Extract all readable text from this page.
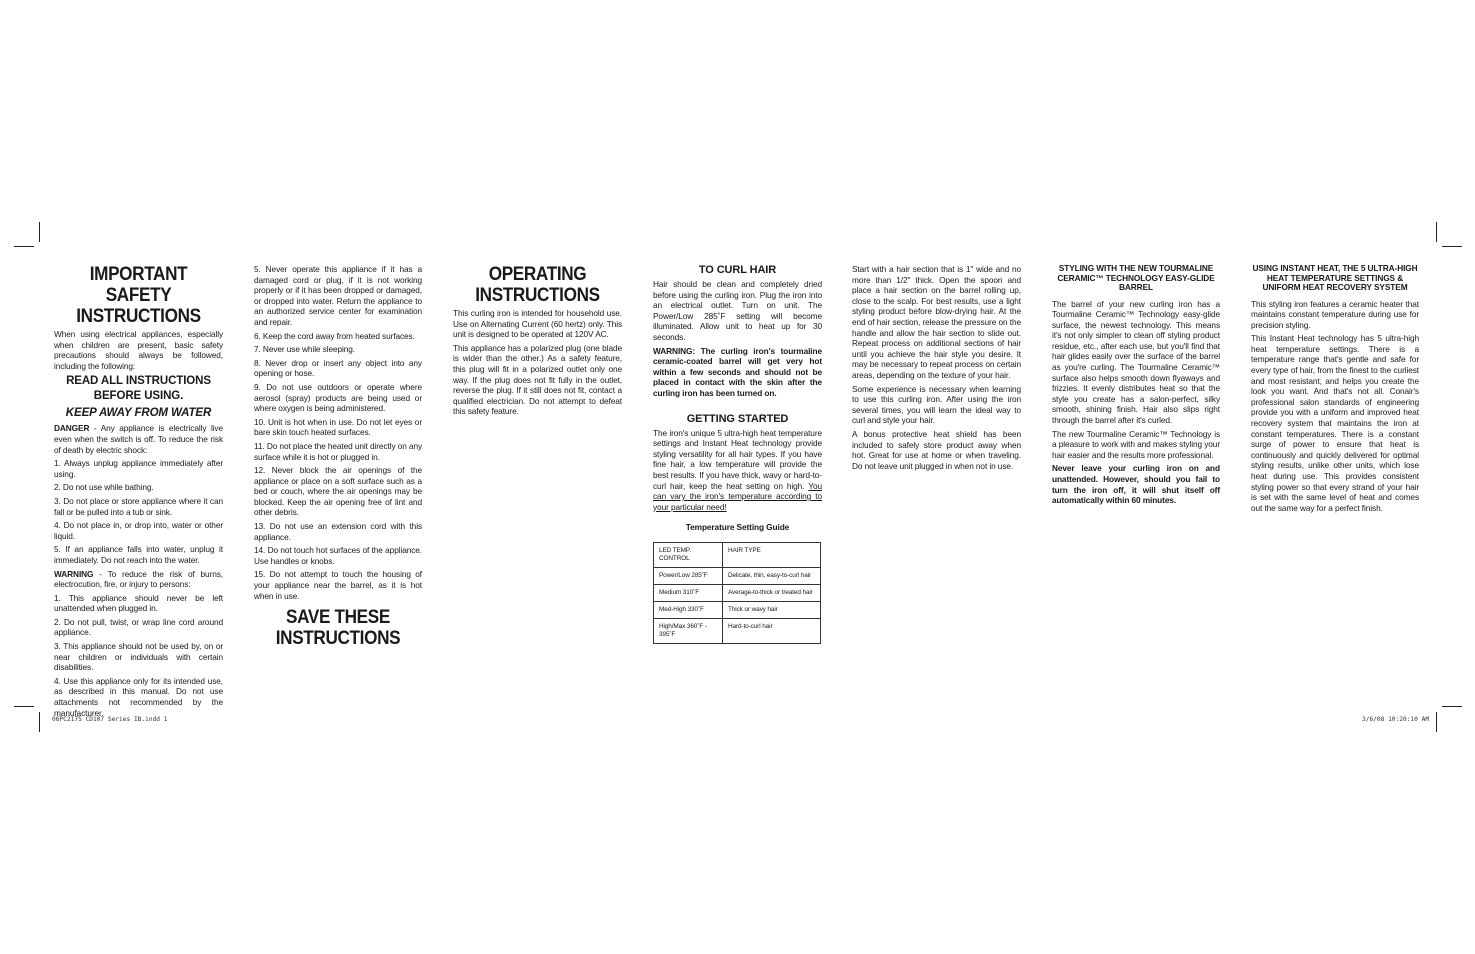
IMPORTANT SAFETY INSTRUCTIONS

When using electrical appliances, especially when children are present, basic safety precautions should always be followed, including the following:

READ ALL INSTRUCTIONS BEFORE USING.
KEEP AWAY FROM WATER

DANGER - Any appliance is electrically live even when the switch is off. To reduce the risk of death by electric shock:

1. Always unplug appliance immediately after using.

2. Do not use while bathing.

3. Do not place or store appliance where it can fall or be pulled into a tub or sink.

4. Do not place in, or drop into, water or other liquid.

5. If an appliance falls into water, unplug it immediately. Do not reach into the water.

WARNING - To reduce the risk of burns, electrocution, fire, or injury to persons:

1. This appliance should never be left unattended when plugged in.

2. Do not pull, twist, or wrap line cord around appliance.

3. This appliance should not be used by, on or near children or individuals with certain disabilities.

4. Use this appliance only for its intended use, as described in this manual. Do not use attachments not recommended by the manufacturer.

5. Never operate this appliance if it has a damaged cord or plug, if it is not working properly or if it has been dropped or damaged, or dropped into water. Return the appliance to an authorized service center for examination and repair.

6. Keep the cord away from heated surfaces.

7. Never use while sleeping.

8. Never drop or insert any object into any opening or hose.

9. Do not use outdoors or operate where aerosol (spray) products are being used or where oxygen is being administered.

10. Unit is hot when in use. Do not let eyes or bare skin touch heated surfaces.

11. Do not place the heated unit directly on any surface while it is hot or plugged in.

12. Never block the air openings of the appliance or place on a soft surface such as a bed or couch, where the air openings may be blocked. Keep the air opening free of lint and other debris.

13. Do not use an extension cord with this appliance.

14. Do not touch hot surfaces of the appliance. Use handles or knobs.

15. Do not attempt to touch the housing of your appliance near the barrel, as it is hot when in use.

SAVE THESE INSTRUCTIONS
OPERATING INSTRUCTIONS

This curling iron is intended for household use. Use on Alternating Current (60 hertz) only. This unit is designed to be operated at 120V AC.

This appliance has a polarized plug (one blade is wider than the other.) As a safety feature, this plug will fit in a polarized outlet only one way. If the plug does not fit fully in the outlet, reverse the plug. If it still does not fit, contact a qualified electrician. Do not attempt to defeat this safety feature.

TO CURL HAIR

Hair should be clean and completely dried before using the curling iron. Plug the iron into an electrical outlet. Turn on unit. The Power/Low 285˚F setting will become illuminated. Allow unit to heat up for 30 seconds.

WARNING: The curling iron's tourmaline ceramic-coated barrel will get very hot within a few seconds and should not be placed in contact with the skin after the curling iron has been turned on.

GETTING STARTED

The iron's unique 5 ultra-high heat temperature settings and Instant Heat technology provide styling versatility for all hair types. If you have fine hair, a low temperature will provide the best results. If you have thick, wavy or hard-to-curl hair, keep the heat setting on high. You can vary the iron's temperature according to your particular need!

Temperature Setting Guide
LED TEMP. CONTROL	HAIR TYPE
Power/Low 285˚F	Delicate, thin, easy-to-curl hair
Medium 310˚F	Average-to-thick or treated hair
Med-High 330˚F	Thick or wavy hair
High/Max 360˚F - 395˚F	Hard-to-curl hair

Start with a hair section that is 1" wide and no more than 1/2" thick. Open the spoon and place a hair section on the barrel rolling up, close to the scalp. For best results, use a light styling product before blow-drying hair. At the end of hair section, release the pressure on the handle and allow the hair section to slide out. Repeat process on additional sections of hair until you achieve the hair style you desire. It may be necessary to repeat process on certain areas, depending on the texture of your hair.

Some experience is necessary when learning to use this curling iron. After using the iron several times, you will learn the ideal way to curl and style your hair.

A bonus protective heat shield has been included to safely store product away when hot. Great for use at home or when traveling. Do not leave unit plugged in when not in use.

STYLING WITH THE NEW TOURMALINE CERAMIC™ TECHNOLOGY EASY-GLIDE BARREL

The barrel of your new curling iron has a Tourmaline Ceramic™ Technology easy-glide surface, the newest technology. This means it's not only simpler to clean off styling product residue, etc., after each use, but you'll find that hair glides easily over the surface of the barrel as you're curling. The Tourmaline Ceramic™ surface also helps smooth down flyaways and frizzies. It evenly distributes heat so that the style you create has a salon-perfect, silky smooth, shining finish. Hair also slips right through the barrel after it's curled.

The new Tourmaline Ceramic™ Technology is a pleasure to work with and makes styling your hair easier and the results more professional.

Never leave your curling iron on and unattended. However, should you fail to turn the iron off, it will shut itself off automatically within 60 minutes.

USING INSTANT HEAT, THE 5 ULTRA-HIGH HEAT TEMPERATURE SETTINGS & UNIFORM HEAT RECOVERY SYSTEM

This styling iron features a ceramic heater that maintains constant temperature during use for precision styling.

This Instant Heat technology has 5 ultra-high heat temperature settings. There is a temperature range that's gentle and safe for every type of hair, from the finest to the curliest and most resistant, and helps you create the look you want. And that's not all. Conair's professional salon standards of engineering provide you with a uniform and improved heat recovery system that maintains the iron at constant temperatures. There is a constant surge of power to ensure that heat is continuously and quickly delivered for optimal styling results, unlike other units, which lose heat during use. This provides consistent styling power so that every strand of your hair is set with the same level of heat and comes out the same way for a perfect finish.

06PC2175 CD107 Series IB.indd 1	3/6/08 10:20:10 AM
